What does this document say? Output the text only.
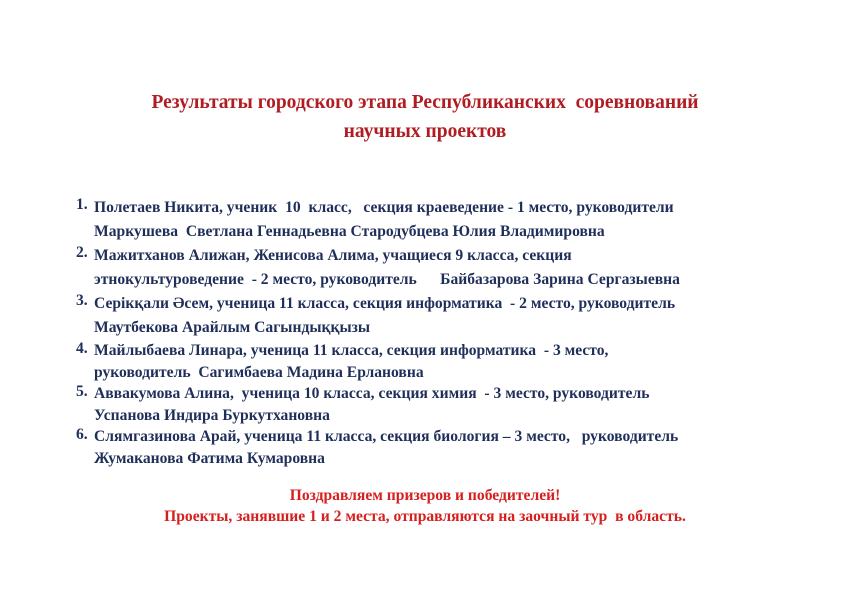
Результаты городского этапа Республиканских  соревнований
научных проектов
1. Полетаев Никита, ученик  10  класс,   секция краеведение - 1 место, руководители
Маркушева  Светлана Геннадьевна Стародубцева Юлия Владимировна
2. Мажитханов Алижан, Женисова Алима, учащиеся 9 класса, секция
этнокультуроведение  - 2 место, руководитель      Байбазарова Зарина Сергазыевна
3. Серікқали Әсем, ученица 11 класса, секция информатика  - 2 место, руководитель
Маутбекова Арайлым Сагындыққызы
4. Майлыбаева Линара, ученица 11 класса, секция информатика  - 3 место,
руководитель  Сагимбаева Мадина Ерлановна
5. Аввакумова Алина,  ученица 10 класса, секция химия  - 3 место, руководитель
Успанова Индира Буркутхановна
6. Слямгазинова Арай, ученица 11 класса, секция биология – 3 место,   руководитель
Жумаканова Фатима Кумаровна
Поздравляем призеров и победителей!
Проекты, занявшие 1 и 2 места, отправляются на заочный тур  в область.
